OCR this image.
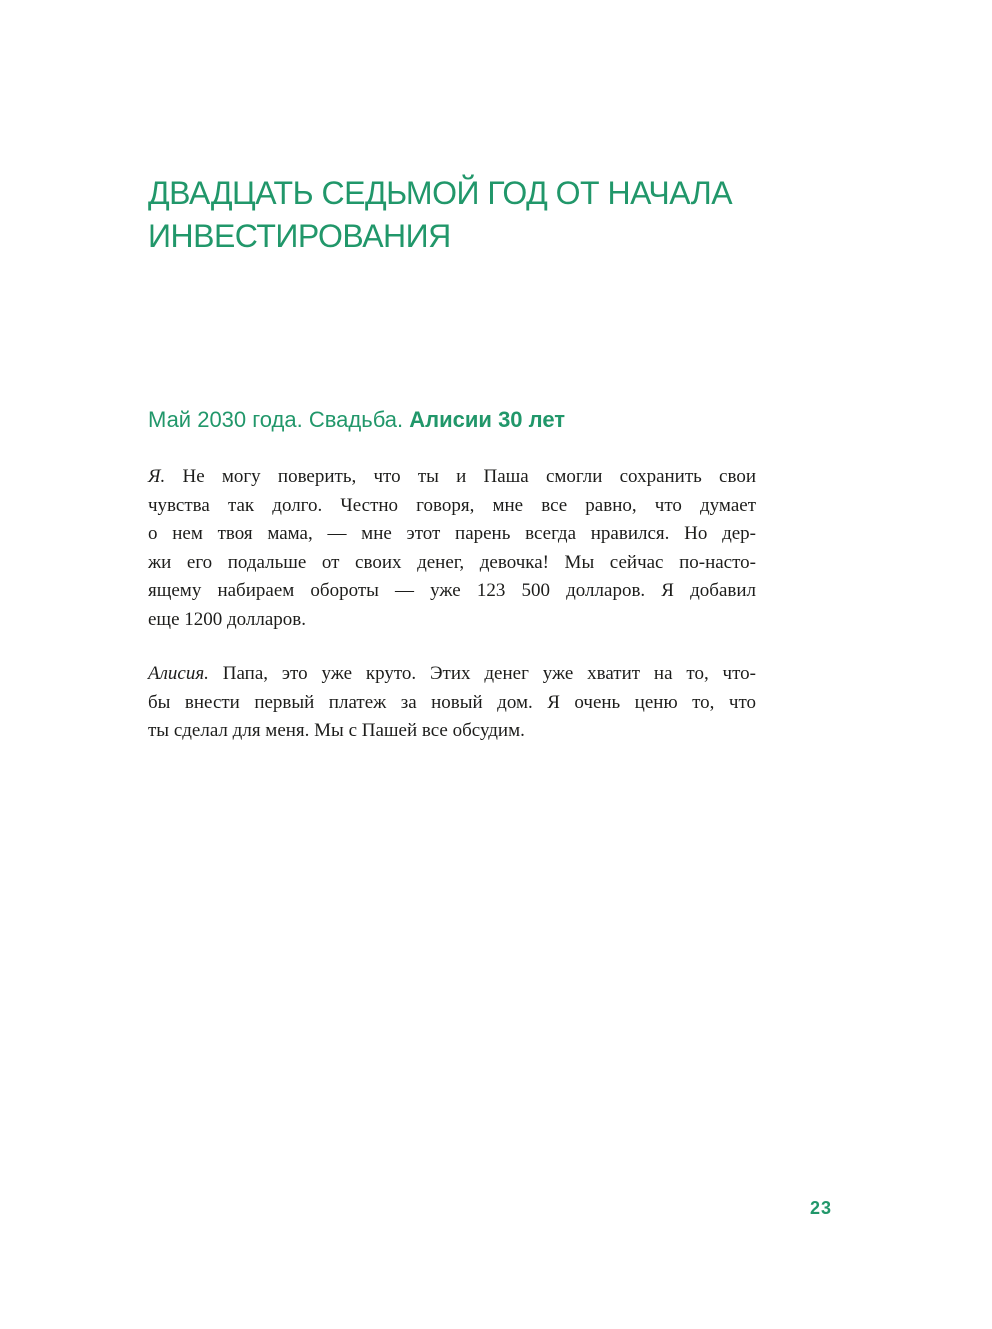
ДВАДЦАТЬ СЕДЬМОЙ ГОД ОТ НАЧАЛА
ИНВЕСТИРОВАНИЯ
Май 2030 года. Свадьба. Алисии 30 лет
Я. Не могу поверить, что ты и Паша смогли сохранить свои
чувства так долго. Честно говоря, мне все равно, что думает
о нем твоя мама, — мне этот парень всегда нравился. Но дер-
жи его подальше от своих денег, девочка! Мы сейчас по-насто-
ящему набираем обороты — уже 123 500 долларов. Я добавил
еще 1200 долларов.
Алисия. Папа, это уже круто. Этих денег уже хватит на то, что-
бы внести первый платеж за новый дом. Я очень ценю то, что
ты сделал для меня. Мы с Пашей все обсудим.
23
